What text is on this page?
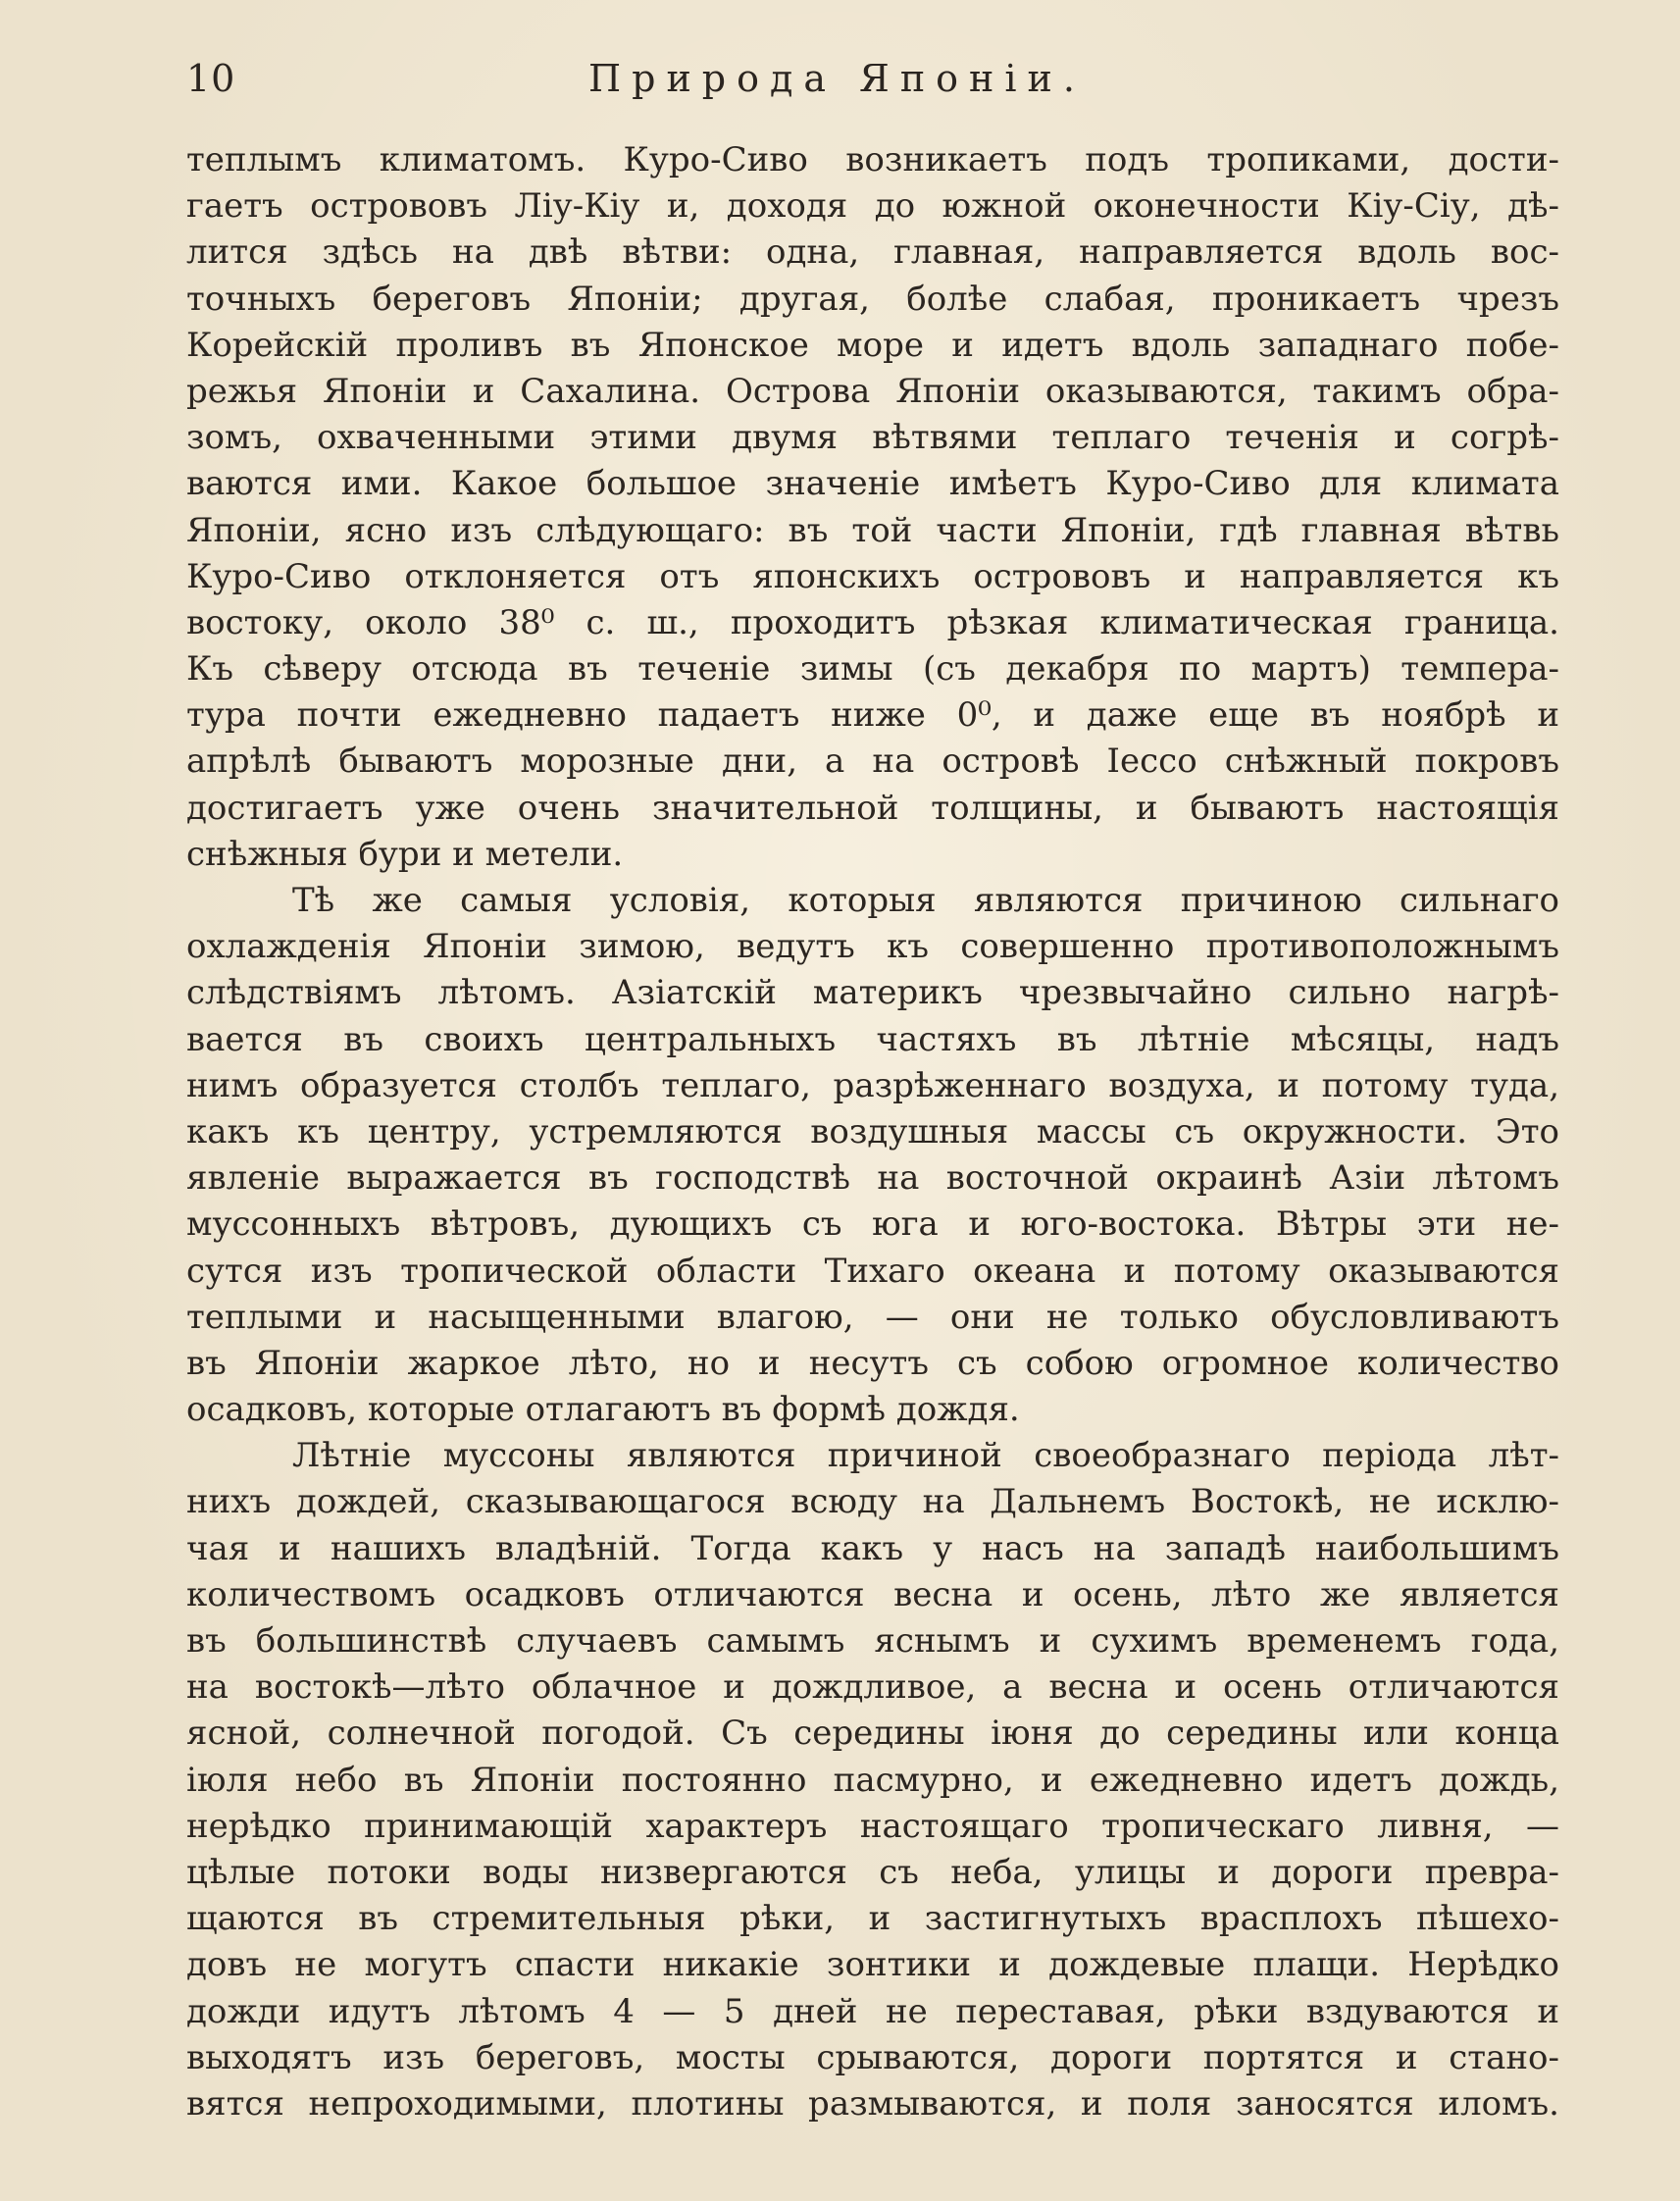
10	Природа Японіи.
теплымъ климатомъ. Куро-Сиво возникаетъ подъ тропиками, дости-
гаетъ острововъ Ліу-Кіу и, доходя до южной оконечности Кіу-Сіу, дѣ-
лится здѣсь на двѣ вѣтви: одна, главная, направляется вдоль вос-
точныхъ береговъ Японіи; другая, болѣе слабая, проникаетъ чрезъ
Корейскій проливъ въ Японское море и идетъ вдоль западнаго побе-
режья Японіи и Сахалина. Острова Японіи оказываются, такимъ обра-
зомъ, охваченными этими двумя вѣтвями теплаго теченія и согрѣ-
ваются ими. Какое большое значеніе имѣетъ Куро-Сиво для климата
Японіи, ясно изъ слѣдующаго: въ той части Японіи, гдѣ главная вѣтвь
Куро-Сиво отклоняется отъ японскихъ острововъ и направляется къ
востоку, около 38⁰ с. ш., проходитъ рѣзкая климатическая граница.
Къ сѣверу отсюда въ теченіе зимы (съ декабря по мартъ) темпера-
тура почти ежедневно падаетъ ниже 0⁰, и даже еще въ ноябрѣ и
апрѣлѣ бываютъ морозные дни, а на островѣ Іессо снѣжный покровъ
достигаетъ уже очень значительной толщины, и бываютъ настоящія
снѣжныя бури и метели.
Тѣ же самыя условія, которыя являются причиною сильнаго
охлажденія Японіи зимою, ведутъ къ совершенно противоположнымъ
слѣдствіямъ лѣтомъ. Азіатскій материкъ чрезвычайно сильно нагрѣ-
вается въ своихъ центральныхъ частяхъ въ лѣтніе мѣсяцы, надъ
нимъ образуется столбъ теплаго, разрѣженнаго воздуха, и потому туда,
какъ къ центру, устремляются воздушныя массы съ окружности. Это
явленіе выражается въ господствѣ на восточной окраинѣ Азіи лѣтомъ
муссонныхъ вѣтровъ, дующихъ съ юга и юго-востока. Вѣтры эти не-
сутся изъ тропической области Тихаго океана и потому оказываются
теплыми и насыщенными влагою, — они не только обусловливаютъ
въ Японіи жаркое лѣто, но и несутъ съ собою огромное количество
осадковъ, которые отлагаютъ въ формѣ дождя.
Лѣтніе муссоны являются причиной своеобразнаго періода лѣт-
нихъ дождей, сказывающагося всюду на Дальнемъ Востокѣ, не исклю-
чая и нашихъ владѣній. Тогда какъ у насъ на западѣ наибольшимъ
количествомъ осадковъ отличаются весна и осень, лѣто же является
въ большинствѣ случаевъ самымъ яснымъ и сухимъ временемъ года,
на востокѣ—лѣто облачное и дождливое, а весна и осень отличаются
ясной, солнечной погодой. Съ середины іюня до середины или конца
іюля небо въ Японіи постоянно пасмурно, и ежедневно идетъ дождь,
нерѣдко принимающій характеръ настоящаго тропическаго ливня, —
цѣлые потоки воды низвергаются съ неба, улицы и дороги превра-
щаются въ стремительныя рѣки, и застигнутыхъ врасплохъ пѣшехо-
довъ не могутъ спасти никакіе зонтики и дождевые плащи. Нерѣдко
дожди идутъ лѣтомъ 4 — 5 дней не переставая, рѣки вздуваются и
выходятъ изъ береговъ, мосты срываются, дороги портятся и стано-
вятся непроходимыми, плотины размываются, и поля заносятся иломъ.
